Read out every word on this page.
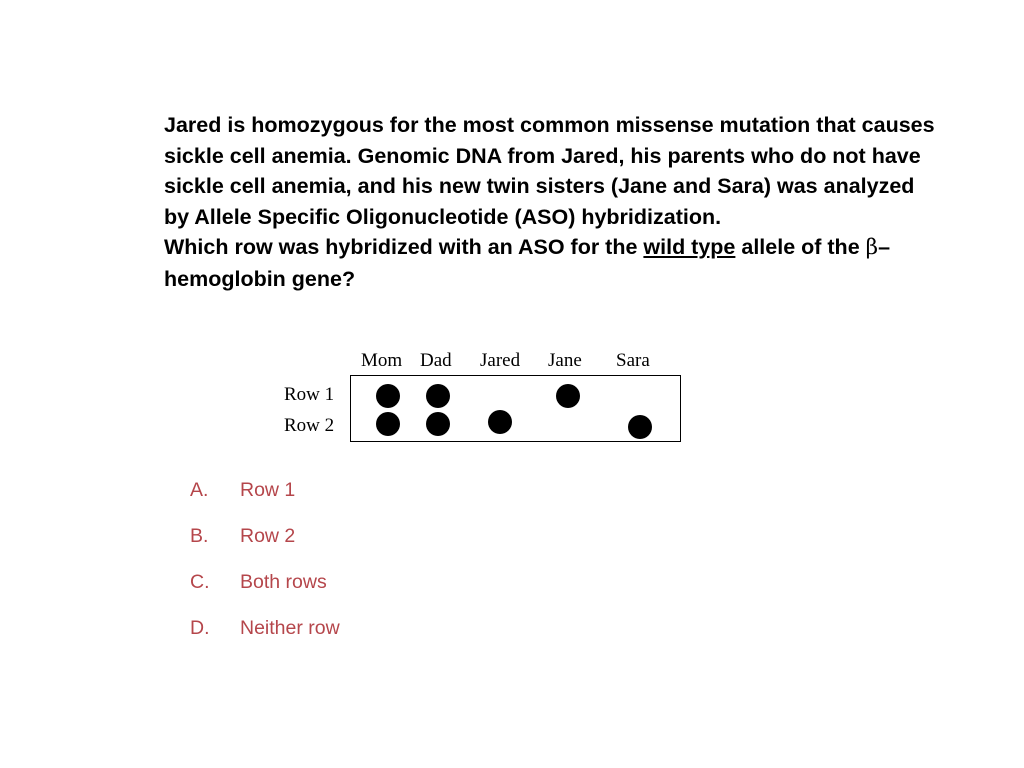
Jared is homozygous for the most common missense mutation that causes sickle cell anemia. Genomic DNA from Jared, his parents who do not have sickle cell anemia, and his new twin sisters (Jane and Sara) was analyzed by Allele Specific Oligonucleotide (ASO) hybridization.

Which row was hybridized with an ASO for the wild type allele of the β–hemoglobin gene?

Mom Dad Jared Jane Sara
Row 1
Row 2
A. Row 1
B. Row 2
C. Both rows
D. Neither row
